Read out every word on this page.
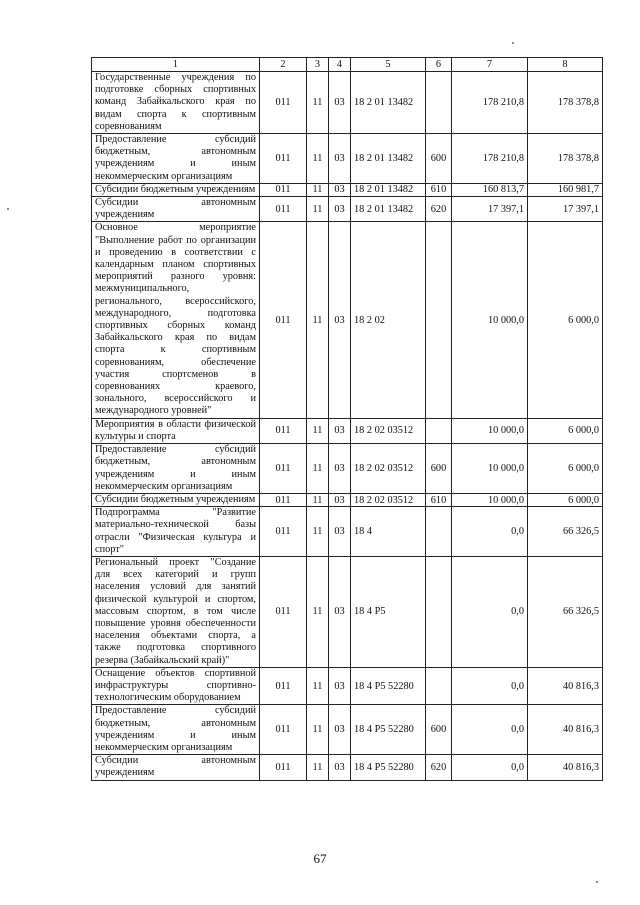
1	2	3	4	5	6	7	8
Государственные учреждения по подготовке сборных спортивных команд Забайкальского края по видам спорта к спортивным соревнованиям	011	11	03	18 2 01 13482		178 210,8	178 378,8
Предоставление субсидий бюджетным, автономным учреждениям и иным некоммерческим организациям	011	11	03	18 2 01 13482	600	178 210,8	178 378,8
Субсидии бюджетным учреждениям	011	11	03	18 2 01 13482	610	160 813,7	160 981,7
Субсидии автономным учреждениям	011	11	03	18 2 01 13482	620	17 397,1	17 397,1
Основное мероприятие "Выполнение работ по организации и проведению в соответствии с календарным планом спортивных мероприятий разного уровня: межмуниципального, регионального, всероссийского, международного, подготовка спортивных сборных команд Забайкальского края по видам спорта к спортивным соревнованиям, обеспечение участия спортсменов в соревнованиях краевого, зонального, всероссийского и международного уровней"	011	11	03	18 2 02		10 000,0	6 000,0
Мероприятия в области физической культуры и спорта	011	11	03	18 2 02 03512		10 000,0	6 000,0
Предоставление субсидий бюджетным, автономным учреждениям и иным некоммерческим организациям	011	11	03	18 2 02 03512	600	10 000,0	6 000,0
Субсидии бюджетным учреждениям	011	11	03	18 2 02 03512	610	10 000,0	6 000,0
Подпрограмма "Развитие материально-технической базы отрасли "Физическая культура и спорт"	011	11	03	18 4		0,0	66 326,5
Региональный проект "Создание для всех категорий и групп населения условий для занятий физической культурой и спортом, массовым спортом, в том числе повышение уровня обеспеченности населения объектами спорта, а также подготовка спортивного резерва (Забайкальский край)"	011	11	03	18 4 P5		0,0	66 326,5
Оснащение объектов спортивной инфраструктуры спортивно-технологическим оборудованием	011	11	03	18 4 P5 52280		0,0	40 816,3
Предоставление субсидий бюджетным, автономным учреждениям и иным некоммерческим организациям	011	11	03	18 4 P5 52280	600	0,0	40 816,3
Субсидии автономным учреждениям	011	11	03	18 4 P5 52280	620	0,0	40 816,3
67
